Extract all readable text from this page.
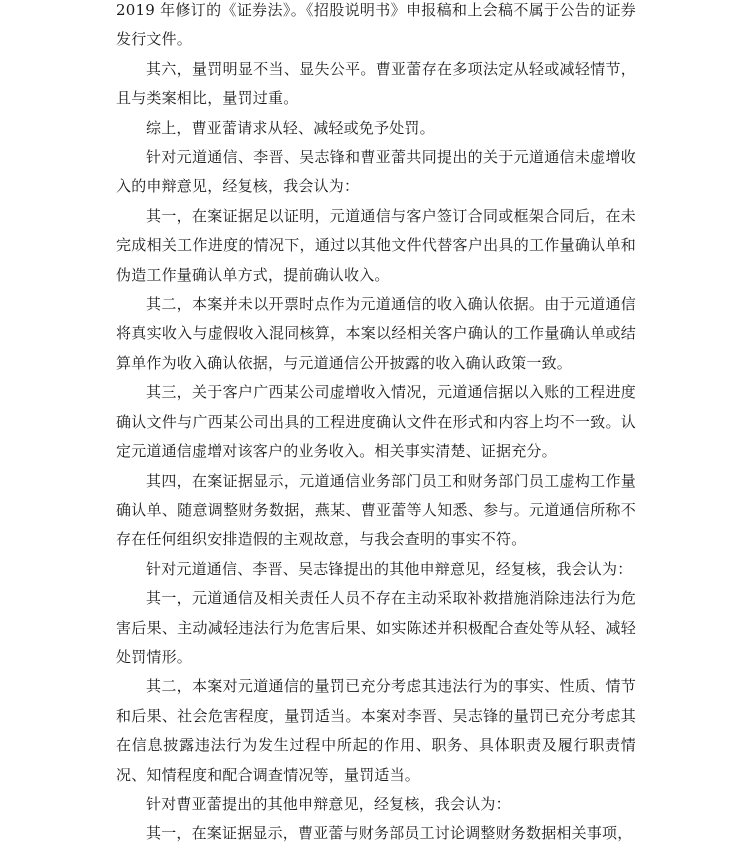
2019 年修订的《证券法》。《招股说明书》申报稿和上会稿不属于公告的证券发行文件。

其六，量罚明显不当、显失公平。曹亚蕾存在多项法定从轻或减轻情节，且与类案相比，量罚过重。

综上，曹亚蕾请求从轻、减轻或免予处罚。

针对元道通信、李晋、吴志锋和曹亚蕾共同提出的关于元道通信未虚增收入的申辩意见，经复核，我会认为：

其一，在案证据足以证明，元道通信与客户签订合同或框架合同后，在未完成相关工作进度的情况下，通过以其他文件代替客户出具的工作量确认单和伪造工作量确认单方式，提前确认收入。

其二，本案并未以开票时点作为元道通信的收入确认依据。由于元道通信将真实收入与虚假收入混同核算，本案以经相关客户确认的工作量确认单或结算单作为收入确认依据，与元道通信公开披露的收入确认政策一致。

其三，关于客户广西某公司虚增收入情况，元道通信据以入账的工程进度确认文件与广西某公司出具的工程进度确认文件在形式和内容上均不一致。认定元道通信虚增对该客户的业务收入。相关事实清楚、证据充分。

其四，在案证据显示，元道通信业务部门员工和财务部门员工虚构工作量确认单、随意调整财务数据，燕某、曹亚蕾等人知悉、参与。元道通信所称不存在任何组织安排造假的主观故意，与我会查明的事实不符。

针对元道通信、李晋、吴志锋提出的其他申辩意见，经复核，我会认为：

其一，元道通信及相关责任人员不存在主动采取补救措施消除违法行为危害后果、主动减轻违法行为危害后果、如实陈述并积极配合查处等从轻、减轻处罚情形。

其二，本案对元道通信的量罚已充分考虑其违法行为的事实、性质、情节和后果、社会危害程度，量罚适当。本案对李晋、吴志锋的量罚已充分考虑其在信息披露违法行为发生过程中所起的作用、职务、具体职责及履行职责情况、知情程度和配合调查情况等，量罚适当。

针对曹亚蕾提出的其他申辩意见，经复核，我会认为：

其一，在案证据显示，曹亚蕾与财务部员工讨论调整财务数据相关事项，
